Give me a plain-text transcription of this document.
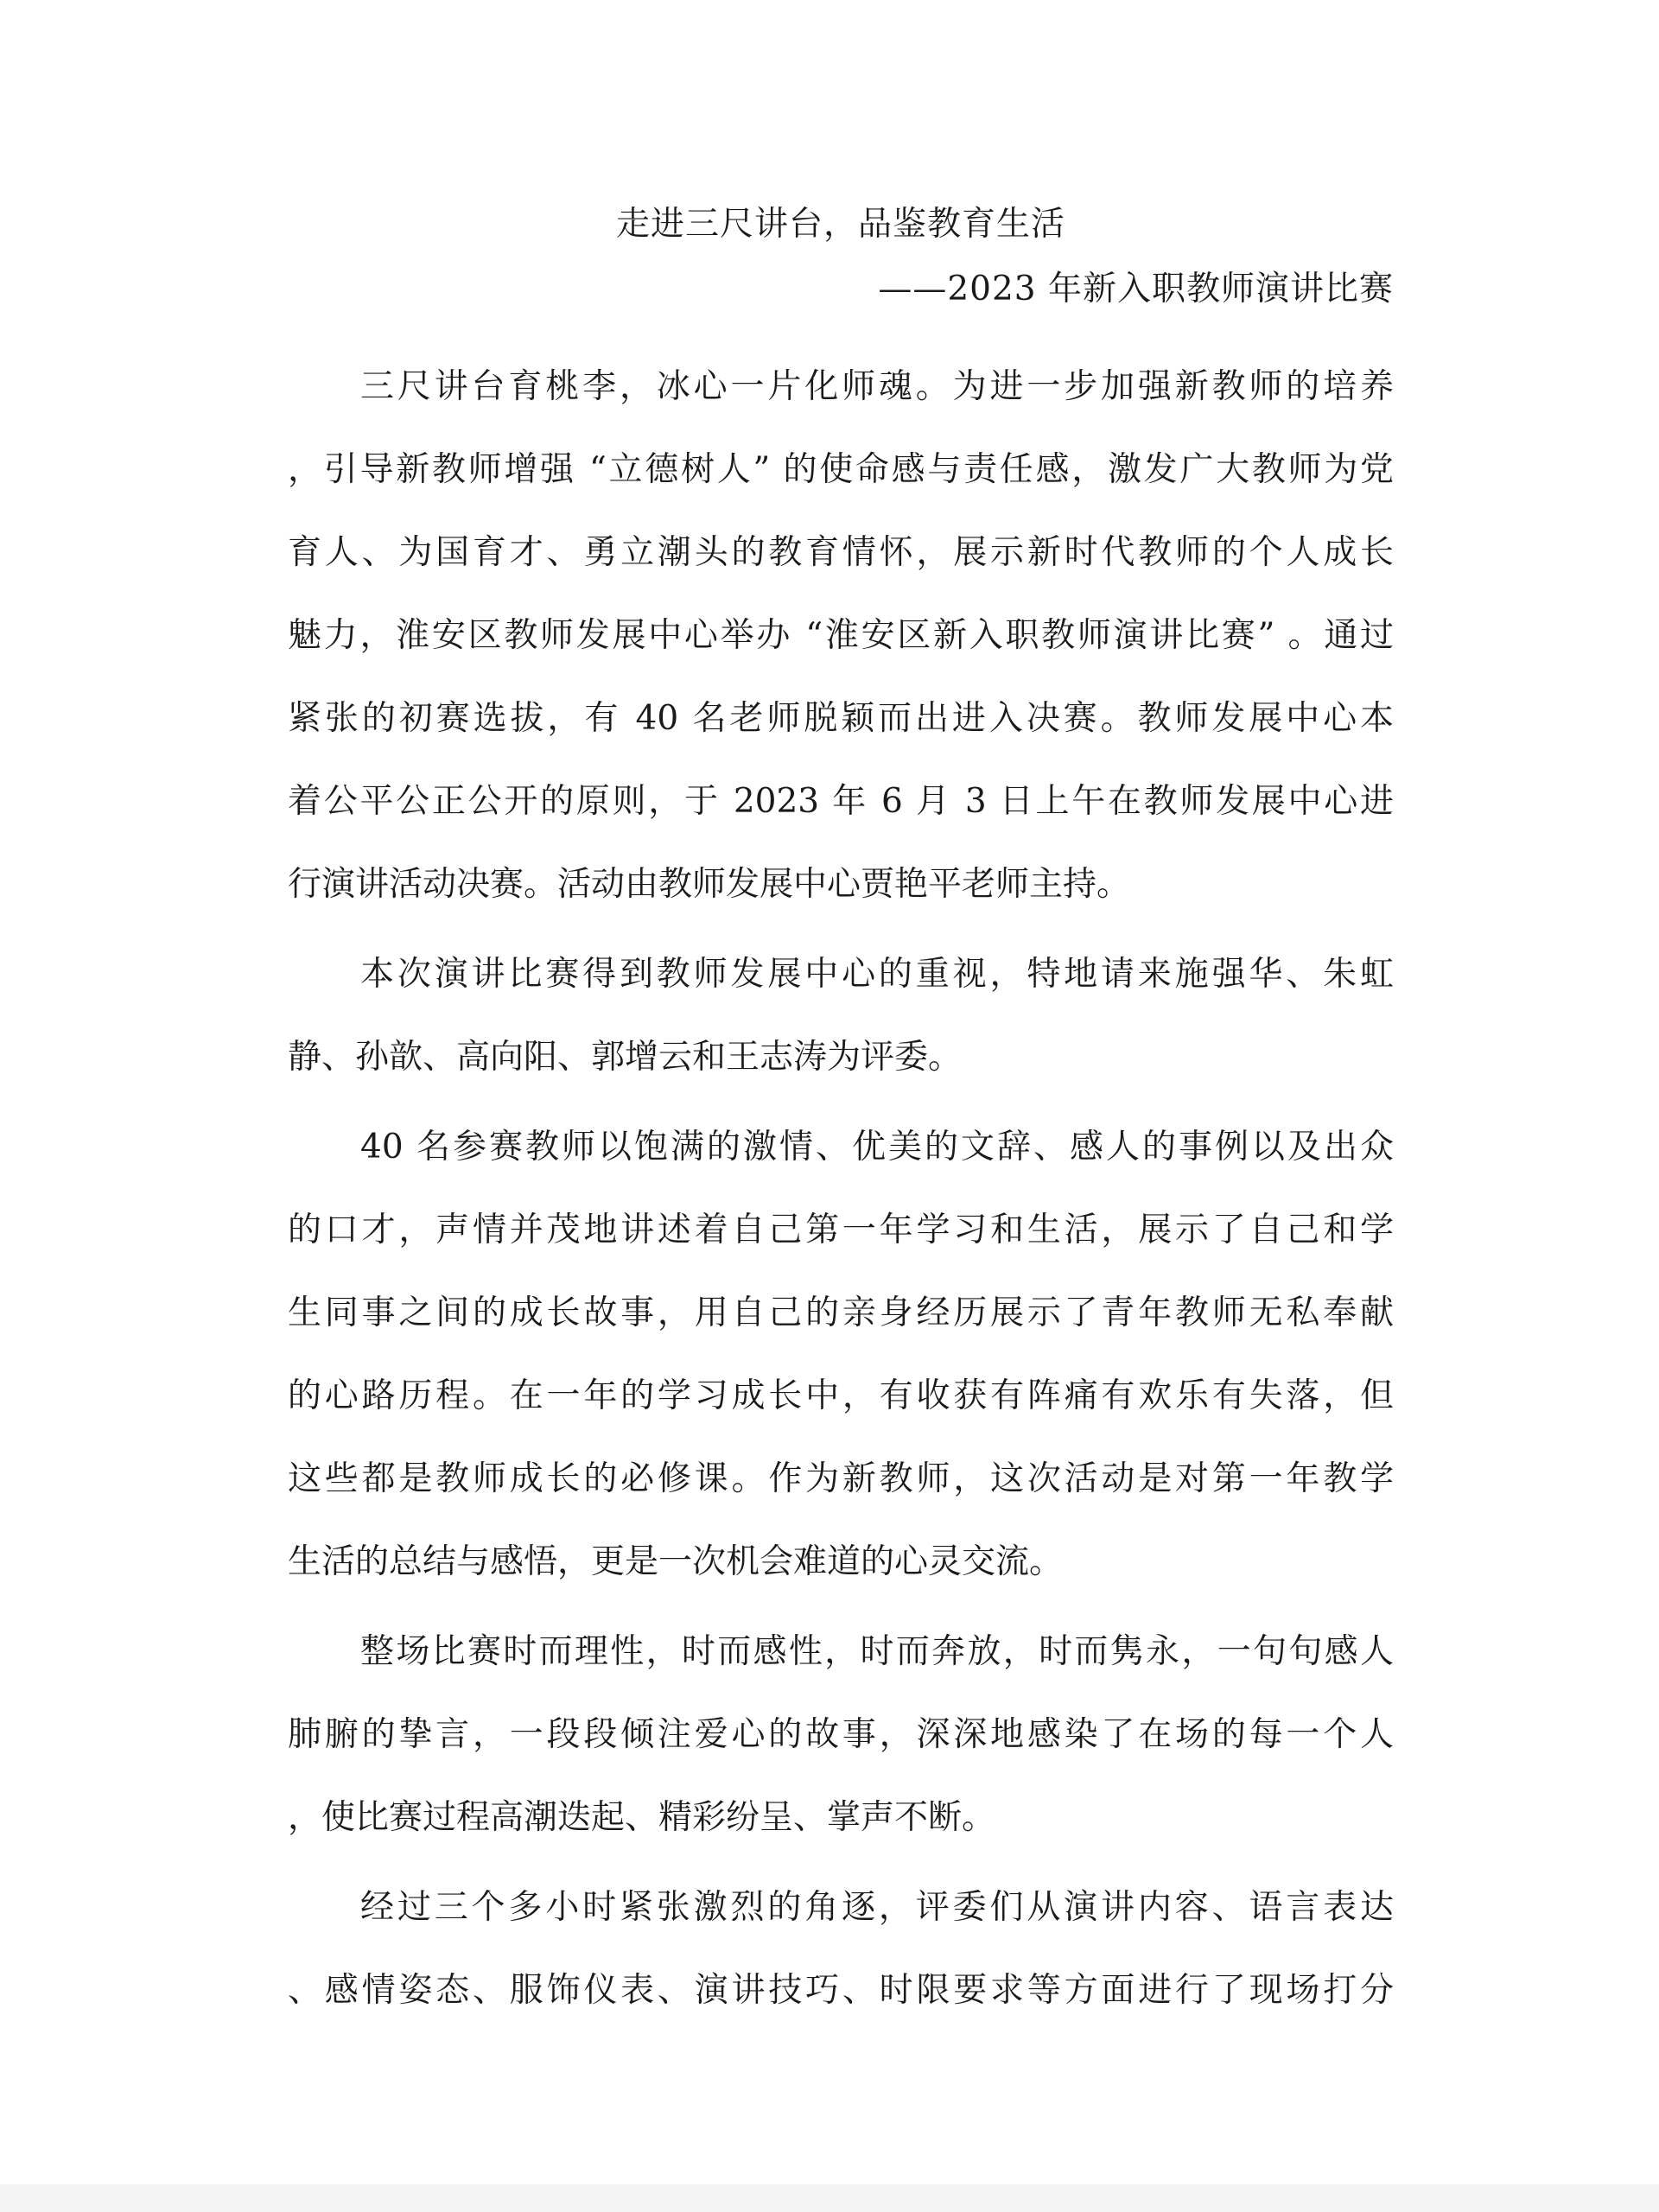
走进三尺讲台，品鉴教育生活
——2023 年新入职教师演讲比赛
三尺讲台育桃李，冰心一片化师魂。为进一步加强新教师的培养
，引导新教师增强 “立德树人” 的使命感与责任感，激发广大教师为党
育人、为国育才、勇立潮头的教育情怀，展示新时代教师的个人成长
魅力，淮安区教师发展中心举办 “淮安区新入职教师演讲比赛” 。通过
紧张的初赛选拔，有 40 名老师脱颖而出进入决赛。教师发展中心本
着公平公正公开的原则，于 2023 年 6 月 3 日上午在教师发展中心进
行演讲活动决赛。活动由教师发展中心贾艳平老师主持。
本次演讲比赛得到教师发展中心的重视，特地请来施强华、朱虹
静、孙歆、高向阳、郭增云和王志涛为评委。
40 名参赛教师以饱满的激情、优美的文辞、感人的事例以及出众
的口才，声情并茂地讲述着自己第一年学习和生活，展示了自己和学
生同事之间的成长故事，用自己的亲身经历展示了青年教师无私奉献
的心路历程。在一年的学习成长中，有收获有阵痛有欢乐有失落，但
这些都是教师成长的必修课。作为新教师，这次活动是对第一年教学
生活的总结与感悟，更是一次机会难道的心灵交流。
整场比赛时而理性，时而感性，时而奔放，时而隽永，一句句感人
肺腑的挚言，一段段倾注爱心的故事，深深地感染了在场的每一个人
，使比赛过程高潮迭起、精彩纷呈、掌声不断。
经过三个多小时紧张激烈的角逐，评委们从演讲内容、语言表达
、感情姿态、服饰仪表、演讲技巧、时限要求等方面进行了现场打分
